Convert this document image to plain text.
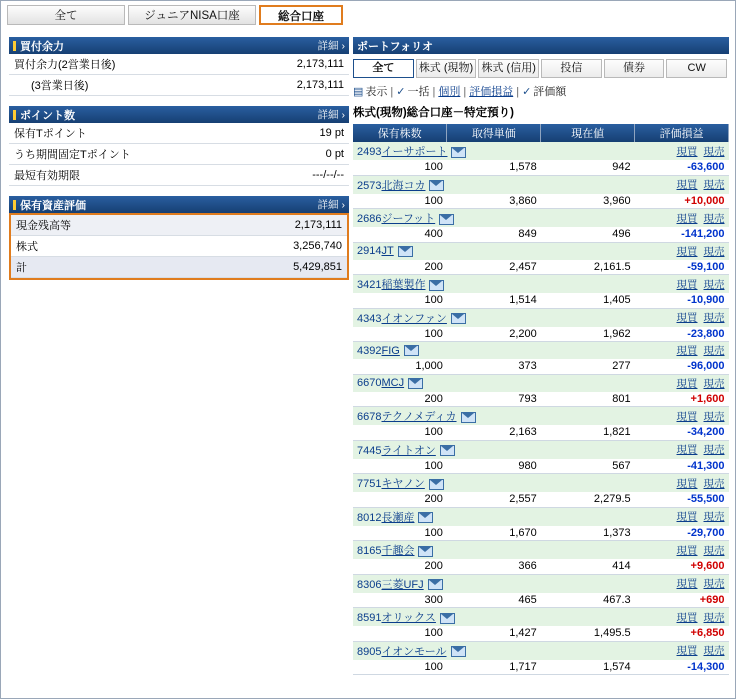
全て	ジュニアNISA口座	総合口座
買付余力	詳細 ›
買付余力(2営業日後)	2,173,111
(3営業日後)	2,173,111
ポイント数	詳細 ›
保有Tポイント	19 pt
うち期間固定Tポイント	0 pt
最短有効期限	---/--/--
保有資産評価	詳細 ›
現金残高等	2,173,111
株式	3,256,740
計	5,429,851
ポートフォリオ
全て	株式 (現物) 株式 (信用)	投信	債券	CW
▤ 表示 | ✓ 一括 | 個別 | 評価損益 | ✓ 評価額
株式(現物)総合口座－特定預り)
保有株数	取得単価	現在値	評価損益
2493イーサポート		現買 現売	
100	1,578	942	-63,600
2573北海コカ		現買 現売	
100	3,860	3,960	+10,000
2686ジーフット		現買 現売	
400	849	496	-141,200
2914JT		現買 現売	
200	2,457	2,161.5	-59,100
3421稲葉製作		現買 現売	
100	1,514	1,405	-10,900
4343イオンファン		現買 現売	
100	2,200	1,962	-23,800
4392FIG		現買 現売	
1,000	373	277	-96,000
6670MCJ		現買 現売	
200	793	801	+1,600
6678テクノメディカ		現買 現売	
100	2,163	1,821	-34,200
7445ライトオン		現買 現売	
100	980	567	-41,300
7751キヤノン		現買 現売	
200	2,557	2,279.5	-55,500
8012長瀬産		現買 現売	
100	1,670	1,373	-29,700
8165千趣会		現買 現売	
200	366	414	+9,600
8306三菱UFJ		現買 現売	
300	465	467.3	+690
8591オリックス		現買 現売	
100	1,427	1,495.5	+6,850
8905イオンモール		現買 現売	
100	1,717	1,574	-14,300
